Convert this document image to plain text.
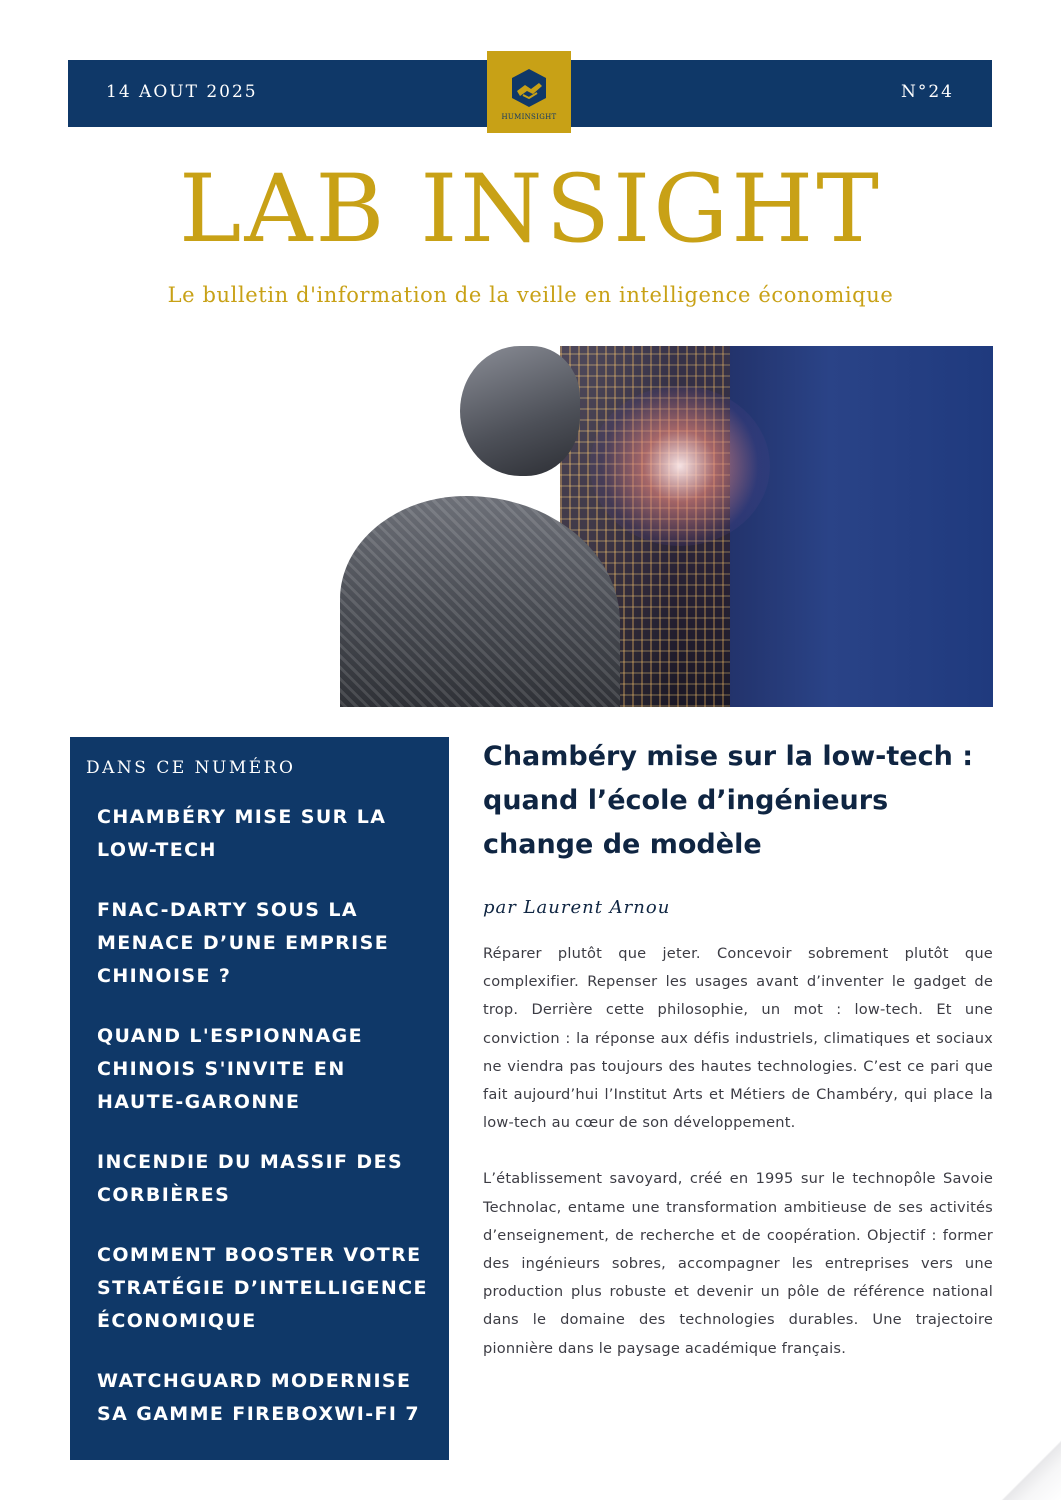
14 AOUT 2025	N°24
HUMINSIGHT
LAB INSIGHT
Le bulletin d'information de la veille en intelligence économique
DANS CE NUMÉRO
CHAMBÉRY MISE SUR LA LOW-TECH
FNAC-DARTY SOUS LA MENACE D’UNE EMPRISE CHINOISE ?
QUAND L'ESPIONNAGE CHINOIS S'INVITE EN HAUTE-GARONNE
INCENDIE DU MASSIF DES CORBIÈRES
COMMENT BOOSTER VOTRE STRATÉGIE D’INTELLIGENCE ÉCONOMIQUE
WATCHGUARD MODERNISE SA GAMME FIREBOXWI-FI 7
Chambéry mise sur la low-tech : quand l’école d’ingénieurs change de modèle
par Laurent Arnou

Réparer plutôt que jeter. Concevoir sobrement plutôt que complexifier. Repenser les usages avant d’inventer le gadget de trop. Derrière cette philosophie, un mot : low-tech. Et une conviction : la réponse aux défis industriels, climatiques et sociaux ne viendra pas toujours des hautes technologies. C’est ce pari que fait aujourd’hui l’Institut Arts et Métiers de Chambéry, qui place la low-tech au cœur de son développement.

L’établissement savoyard, créé en 1995 sur le technopôle Savoie Technolac, entame une transformation ambitieuse de ses activités d’enseignement, de recherche et de coopération. Objectif : former des ingénieurs sobres, accompagner les entreprises vers une production plus robuste et devenir un pôle de référence national dans le domaine des technologies durables. Une trajectoire pionnière dans le paysage académique français.
